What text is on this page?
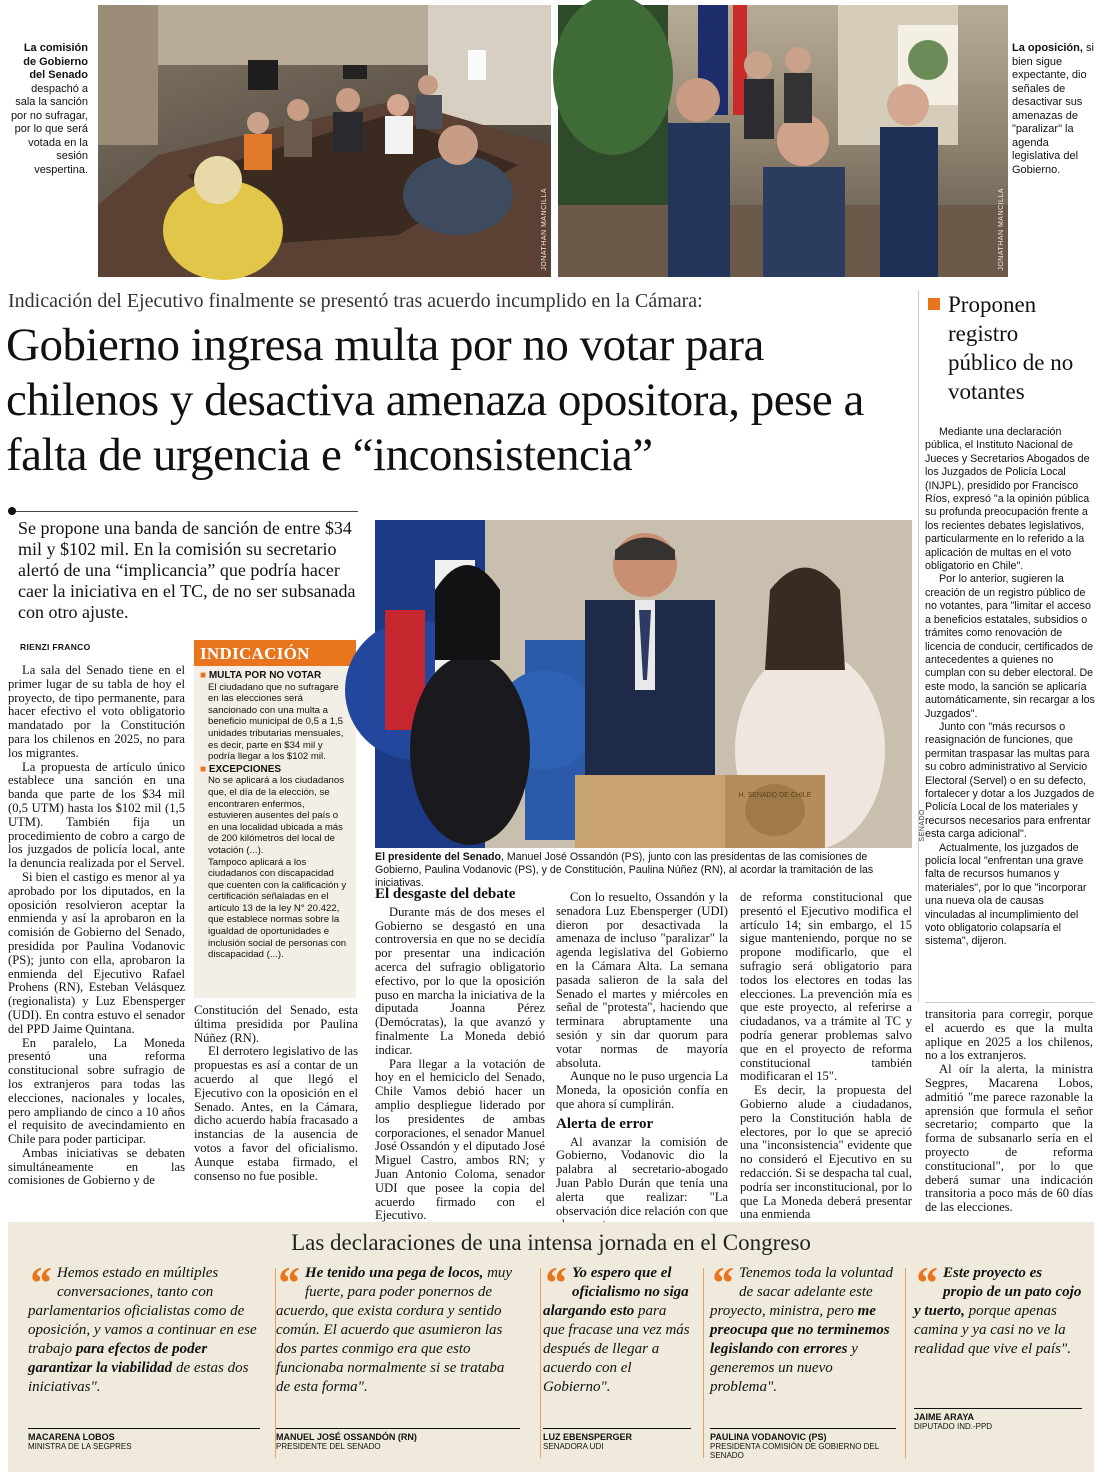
La comisión de Gobierno del Senado despachó a sala la sanción por no sufragar, por lo que será votada en la sesión vespertina.
JONATHAN MANCILLA	JONATHAN MANCILLA
La oposición, si bien sigue expectante, dio señales de desactivar sus amenazas de "paralizar" la agenda legislativa del Gobierno.
Indicación del Ejecutivo finalmente se presentó tras acuerdo incumplido en la Cámara:
Gobierno ingresa multa por no votar para chilenos y desactiva amenaza opositora, pese a falta de urgencia e “inconsistencia”
Se propone una banda de sanción de entre $34 mil y $102 mil. En la comisión su secretario alertó de una “implicancia” que podría hacer caer la iniciativa en el TC, de no ser subsanada con otro ajuste.
RIENZI FRANCO

La sala del Senado tiene en el primer lugar de su tabla de hoy el proyecto, de tipo permanente, para hacer efectivo el voto obligatorio mandatado por la Constitución para los chilenos en 2025, no para los migrantes.

La propuesta de artículo único establece una sanción en una banda que parte de los $34 mil (0,5 UTM) hasta los $102 mil (1,5 UTM). También fija un procedimiento de cobro a cargo de los juzgados de policía local, ante la denuncia realizada por el Servel.

Si bien el castigo es menor al ya aprobado por los diputados, en la oposición resolvieron aceptar la enmienda y así la aprobaron en la comisión de Gobierno del Senado, presidida por Paulina Vodanovic (PS); junto con ella, aprobaron la enmienda del Ejecutivo Rafael Prohens (RN), Esteban Velásquez (regionalista) y Luz Ebensperger (UDI). En contra estuvo el senador del PPD Jaime Quintana.

En paralelo, La Moneda presentó una reforma constitucional sobre sufragio de los extranjeros para todas las elecciones, nacionales y locales, pero ampliando de cinco a 10 años el requisito de avecindamiento en Chile para poder participar.

Ambas iniciativas se debaten simultáneamente en las comisiones de Gobierno y de

INDICACIÓN
■ MULTA POR NO VOTAR
El ciudadano que no sufragare en las elecciones será sancionado con una multa a beneficio municipal de 0,5 a 1,5 unidades tributarias mensuales, es decir, parte en $34 mil y podría llegar a los $102 mil.
■ EXCEPCIONES
No se aplicará a los ciudadanos que, el día de la elección, se encontraren enfermos, estuvieren ausentes del país o en una localidad ubicada a más de 200 kilómetros del local de votación (...).
Tampoco aplicará a los ciudadanos con discapacidad que cuenten con la calificación y certificación señaladas en el artículo 13 de la ley N° 20.422, que establece normas sobre la igualdad de oportunidades e inclusión social de personas con discapacidad (...).

Constitución del Senado, esta última presidida por Paulina Núñez (RN).

El derrotero legislativo de las propuestas es así a contar de un acuerdo al que llegó el Ejecutivo con la oposición en el Senado. Antes, en la Cámara, dicho acuerdo había fracasado a instancias de la ausencia de votos a favor del oficialismo. Aunque estaba firmado, el consenso no fue posible.

H. SENADO DE CHILE
SENADO
El presidente del Senado, Manuel José Ossandón (PS), junto con las presidentas de las comisiones de Gobierno, Paulina Vodanovic (PS), y de Constitución, Paulina Núñez (RN), al acordar la tramitación de las iniciativas.
El desgaste del debate

Durante más de dos meses el Gobierno se desgastó en una controversia en que no se decidía por presentar una indicación acerca del sufragio obligatorio efectivo, por lo que la oposición puso en marcha la iniciativa de la diputada Joanna Pérez (Demócratas), la que avanzó y finalmente La Moneda debió indicar.

Para llegar a la votación de hoy en el hemiciclo del Senado, Chile Vamos debió hacer un amplio despliegue liderado por los presidentes de ambas corporaciones, el senador Manuel José Ossandón y el diputado José Miguel Castro, ambos RN; y Juan Antonio Coloma, senador UDI que posee la copia del acuerdo firmado con el Ejecutivo.

Con lo resuelto, Ossandón y la senadora Luz Ebensperger (UDI) dieron por desactivada la amenaza de incluso "paralizar" la agenda legislativa del Gobierno en la Cámara Alta. La semana pasada salieron de la sala del Senado el martes y miércoles en señal de "protesta", haciendo que terminara abruptamente una sesión y sin dar quorum para votar normas de mayoría absoluta.

Aunque no le puso urgencia La Moneda, la oposición confía en que ahora sí cumplirán.

Alerta de error

Al avanzar la comisión de Gobierno, Vodanovic dio la palabra al secretario-abogado Juan Pablo Durán que tenía una alerta que realizar: "La observación dice relación con que

de reforma constitucional que presentó el Ejecutivo modifica el artículo 14; sin embargo, el 15 sigue manteniendo, porque no se propone modificarlo, que el sufragio será obligatorio para todos los electores en todas las elecciones. La prevención mía es que este proyecto, al referirse a ciudadanos, va a trámite al TC y podría generar problemas salvo que en el proyecto de reforma constitucional también modificaran el 15".

Es decir, la propuesta del Gobierno alude a ciudadanos, pero la Constitución habla de electores, por lo que se apreció una "inconsistencia" evidente que no consideró el Ejecutivo en su redacción. Si se despacha tal cual, podría ser inconstitucional, por lo que La Moneda deberá presentar una enmienda

Proponen registro público de no votantes

Mediante una declaración pública, el Instituto Nacional de Jueces y Secretarios Abogados de los Juzgados de Policía Local (INJPL), presidido por Francisco Ríos, expresó "a la opinión pública su profunda preocupación frente a los recientes debates legislativos, particularmente en lo referido a la aplicación de multas en el voto obligatorio en Chile".

Por lo anterior, sugieren la creación de un registro público de no votantes, para "limitar el acceso a beneficios estatales, subsidios o trámites como renovación de licencia de conducir, certificados de antecedentes a quienes no cumplan con su deber electoral. De este modo, la sanción se aplicaría automáticamente, sin recargar a los Juzgados".

Junto con "más recursos o reasignación de funciones, que permitan traspasar las multas para su cobro administrativo al Servicio Electoral (Servel) o en su defecto, fortalecer y dotar a los Juzgados de Policía Local de los materiales y recursos necesarios para enfrentar esta carga adicional".

Actualmente, los juzgados de policía local "enfrentan una grave falta de recursos humanos y materiales", por lo que "incorporar una nueva ola de causas vinculadas al incumplimiento del voto obligatorio colapsaría el sistema", dijeron.

transitoria para corregir, porque el acuerdo es que la multa aplique en 2025 a los chilenos, no a los extranjeros.

Al oír la alerta, la ministra Segpres, Macarena Lobos, admitió "me parece razonable la aprensión que formula el señor secretario; comparto que la forma de subsanarlo sería en el proyecto de reforma constitucional", por lo que deberá sumar una indicación transitoria a poco más de 60 días de las elecciones.

Las declaraciones de una intensa jornada en el Congreso
“ Hemos estado en múltiples conversaciones, tanto con parlamentarios oficialistas como de oposición, y vamos a continuar en ese trabajo para efectos de poder garantizar la viabilidad de estas dos iniciativas".
MACARENA LOBOS
MINISTRA DE LA SEGPRES
“ He tenido una pega de locos, muy fuerte, para poder ponernos de acuerdo, que exista cordura y sentido común. El acuerdo que asumieron las dos partes conmigo era que esto funcionaba normalmente si se trataba de esta forma".
MANUEL JOSÉ OSSANDÓN (RN)
PRESIDENTE DEL SENADO
“ Yo espero que el oficialismo no siga alargando esto para que fracase una vez más después de llegar a acuerdo con el Gobierno".
LUZ EBENSPERGER
SENADORA UDI
“ Tenemos toda la voluntad de sacar adelante este proyecto, ministra, pero me preocupa que no terminemos legislando con errores y generemos un nuevo problema".
PAULINA VODANOVIC (PS)
PRESIDENTA COMISIÓN DE GOBIERNO DEL SENADO
“ Este proyecto es propio de un pato cojo y tuerto, porque apenas camina y ya casi no ve la realidad que vive el país".
JAIME ARAYA
DIPUTADO IND.-PPD
